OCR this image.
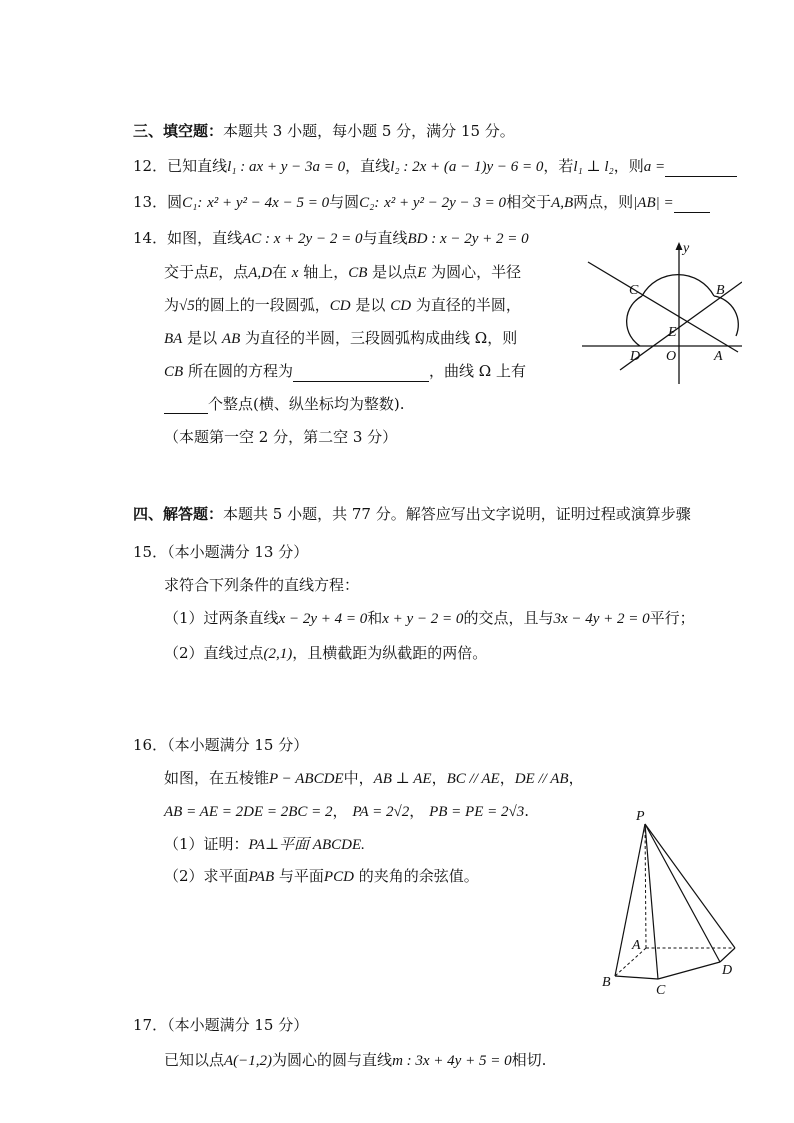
三、填空题：本题共 3 小题，每小题 5 分，满分 15 分。
12．已知直线l₁ : ax + y − 3a = 0，直线l₂ : 2x + (a − 1)y − 6 = 0，若l₁ ⊥ l₂，则a =
13．圆C₁: x² + y² − 4x − 5 = 0与圆C₂: x² + y² − 2y − 3 = 0相交于A,B两点，则|AB| =
14．如图，直线AC : x + 2y − 2 = 0与直线BD : x − 2y + 2 = 0
交于点E，点A,D在 x 轴上，CB 是以点E 为圆心，半径
为√5的圆上的一段圆弧，CD 是以 CD 为直径的半圆，
BA 是以 AB 为直径的半圆，三段圆弧构成曲线 Ω，则
CB 所在圆的方程为	，曲线 Ω 上有
个整点(横、纵坐标均为整数).
（本题第一空 2 分，第二空 3 分）
y
C	B
E
D O	A
四、解答题：本题共 5 小题，共 77 分。解答应写出文字说明，证明过程或演算步骤
15．（本小题满分 13 分）
求符合下列条件的直线方程：
（1）过两条直线x − 2y + 4 = 0和x + y − 2 = 0的交点，且与3x − 4y + 2 = 0平行；
（2）直线过点(2,1)，且横截距为纵截距的两倍。
16．（本小题满分 15 分）
如图，在五棱锥P − ABCDE中，AB ⊥ AE，BC // AE，DE // AB，
AB = AE = 2DE = 2BC = 2， PA = 2√2， PB = PE = 2√3.
（1）证明：PA⊥平面 ABCDE.
（2）求平面PAB 与平面PCD 的夹角的余弦值。
P
A
B
C
D
17．（本小题满分 15 分）
已知以点A(−1,2)为圆心的圆与直线m : 3x + 4y + 5 = 0相切.
